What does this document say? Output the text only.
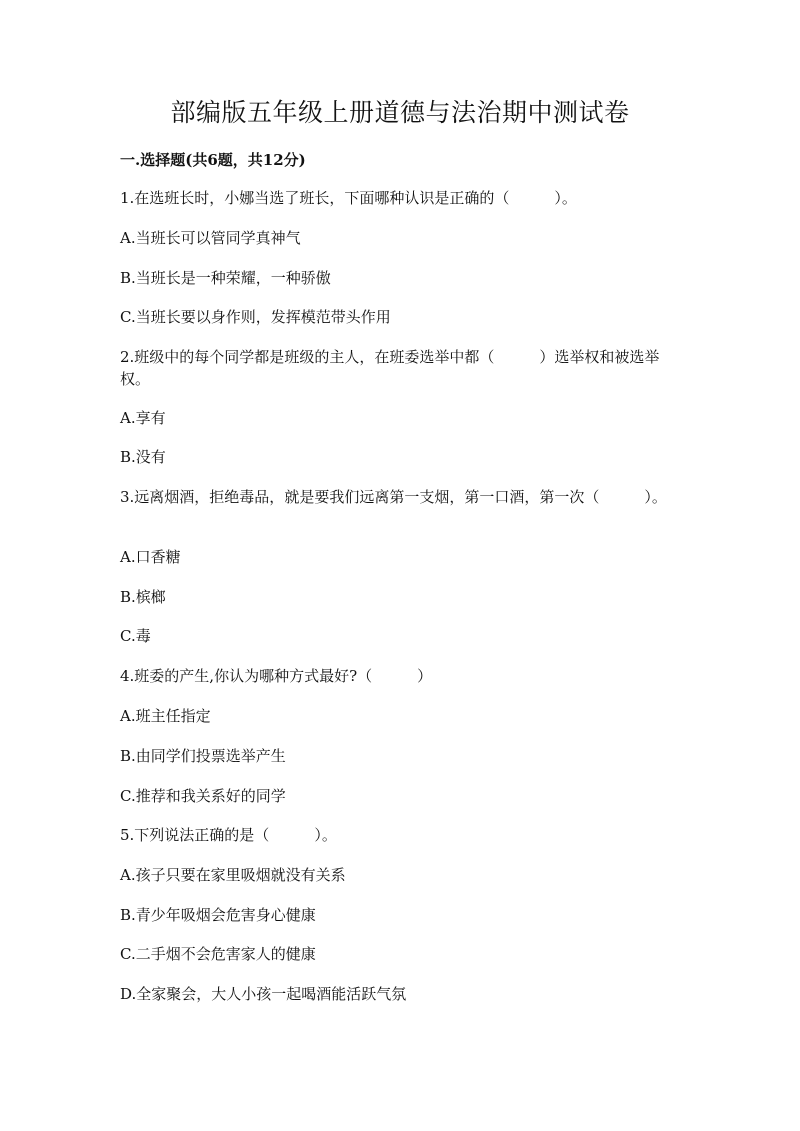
部编版五年级上册道德与法治期中测试卷
一.选择题(共6题，共12分)
1.在选班长时，小娜当选了班长，下面哪种认识是正确的（　　　）。
A.当班长可以管同学真神气
B.当班长是一种荣耀，一种骄傲
C.当班长要以身作则，发挥模范带头作用
2.班级中的每个同学都是班级的主人，在班委选举中都（　　　）选举权和被选举权。
A.享有
B.没有
3.远离烟酒，拒绝毒品，就是要我们远离第一支烟，第一口酒，第一次（　　　）。
A.口香糖
B.槟榔
C.毒
4.班委的产生,你认为哪种方式最好?（　　　）
A.班主任指定
B.由同学们投票选举产生
C.推荐和我关系好的同学
5.下列说法正确的是（　　　）。
A.孩子只要在家里吸烟就没有关系
B.青少年吸烟会危害身心健康
C.二手烟不会危害家人的健康
D.全家聚会，大人小孩一起喝酒能活跃气氛
